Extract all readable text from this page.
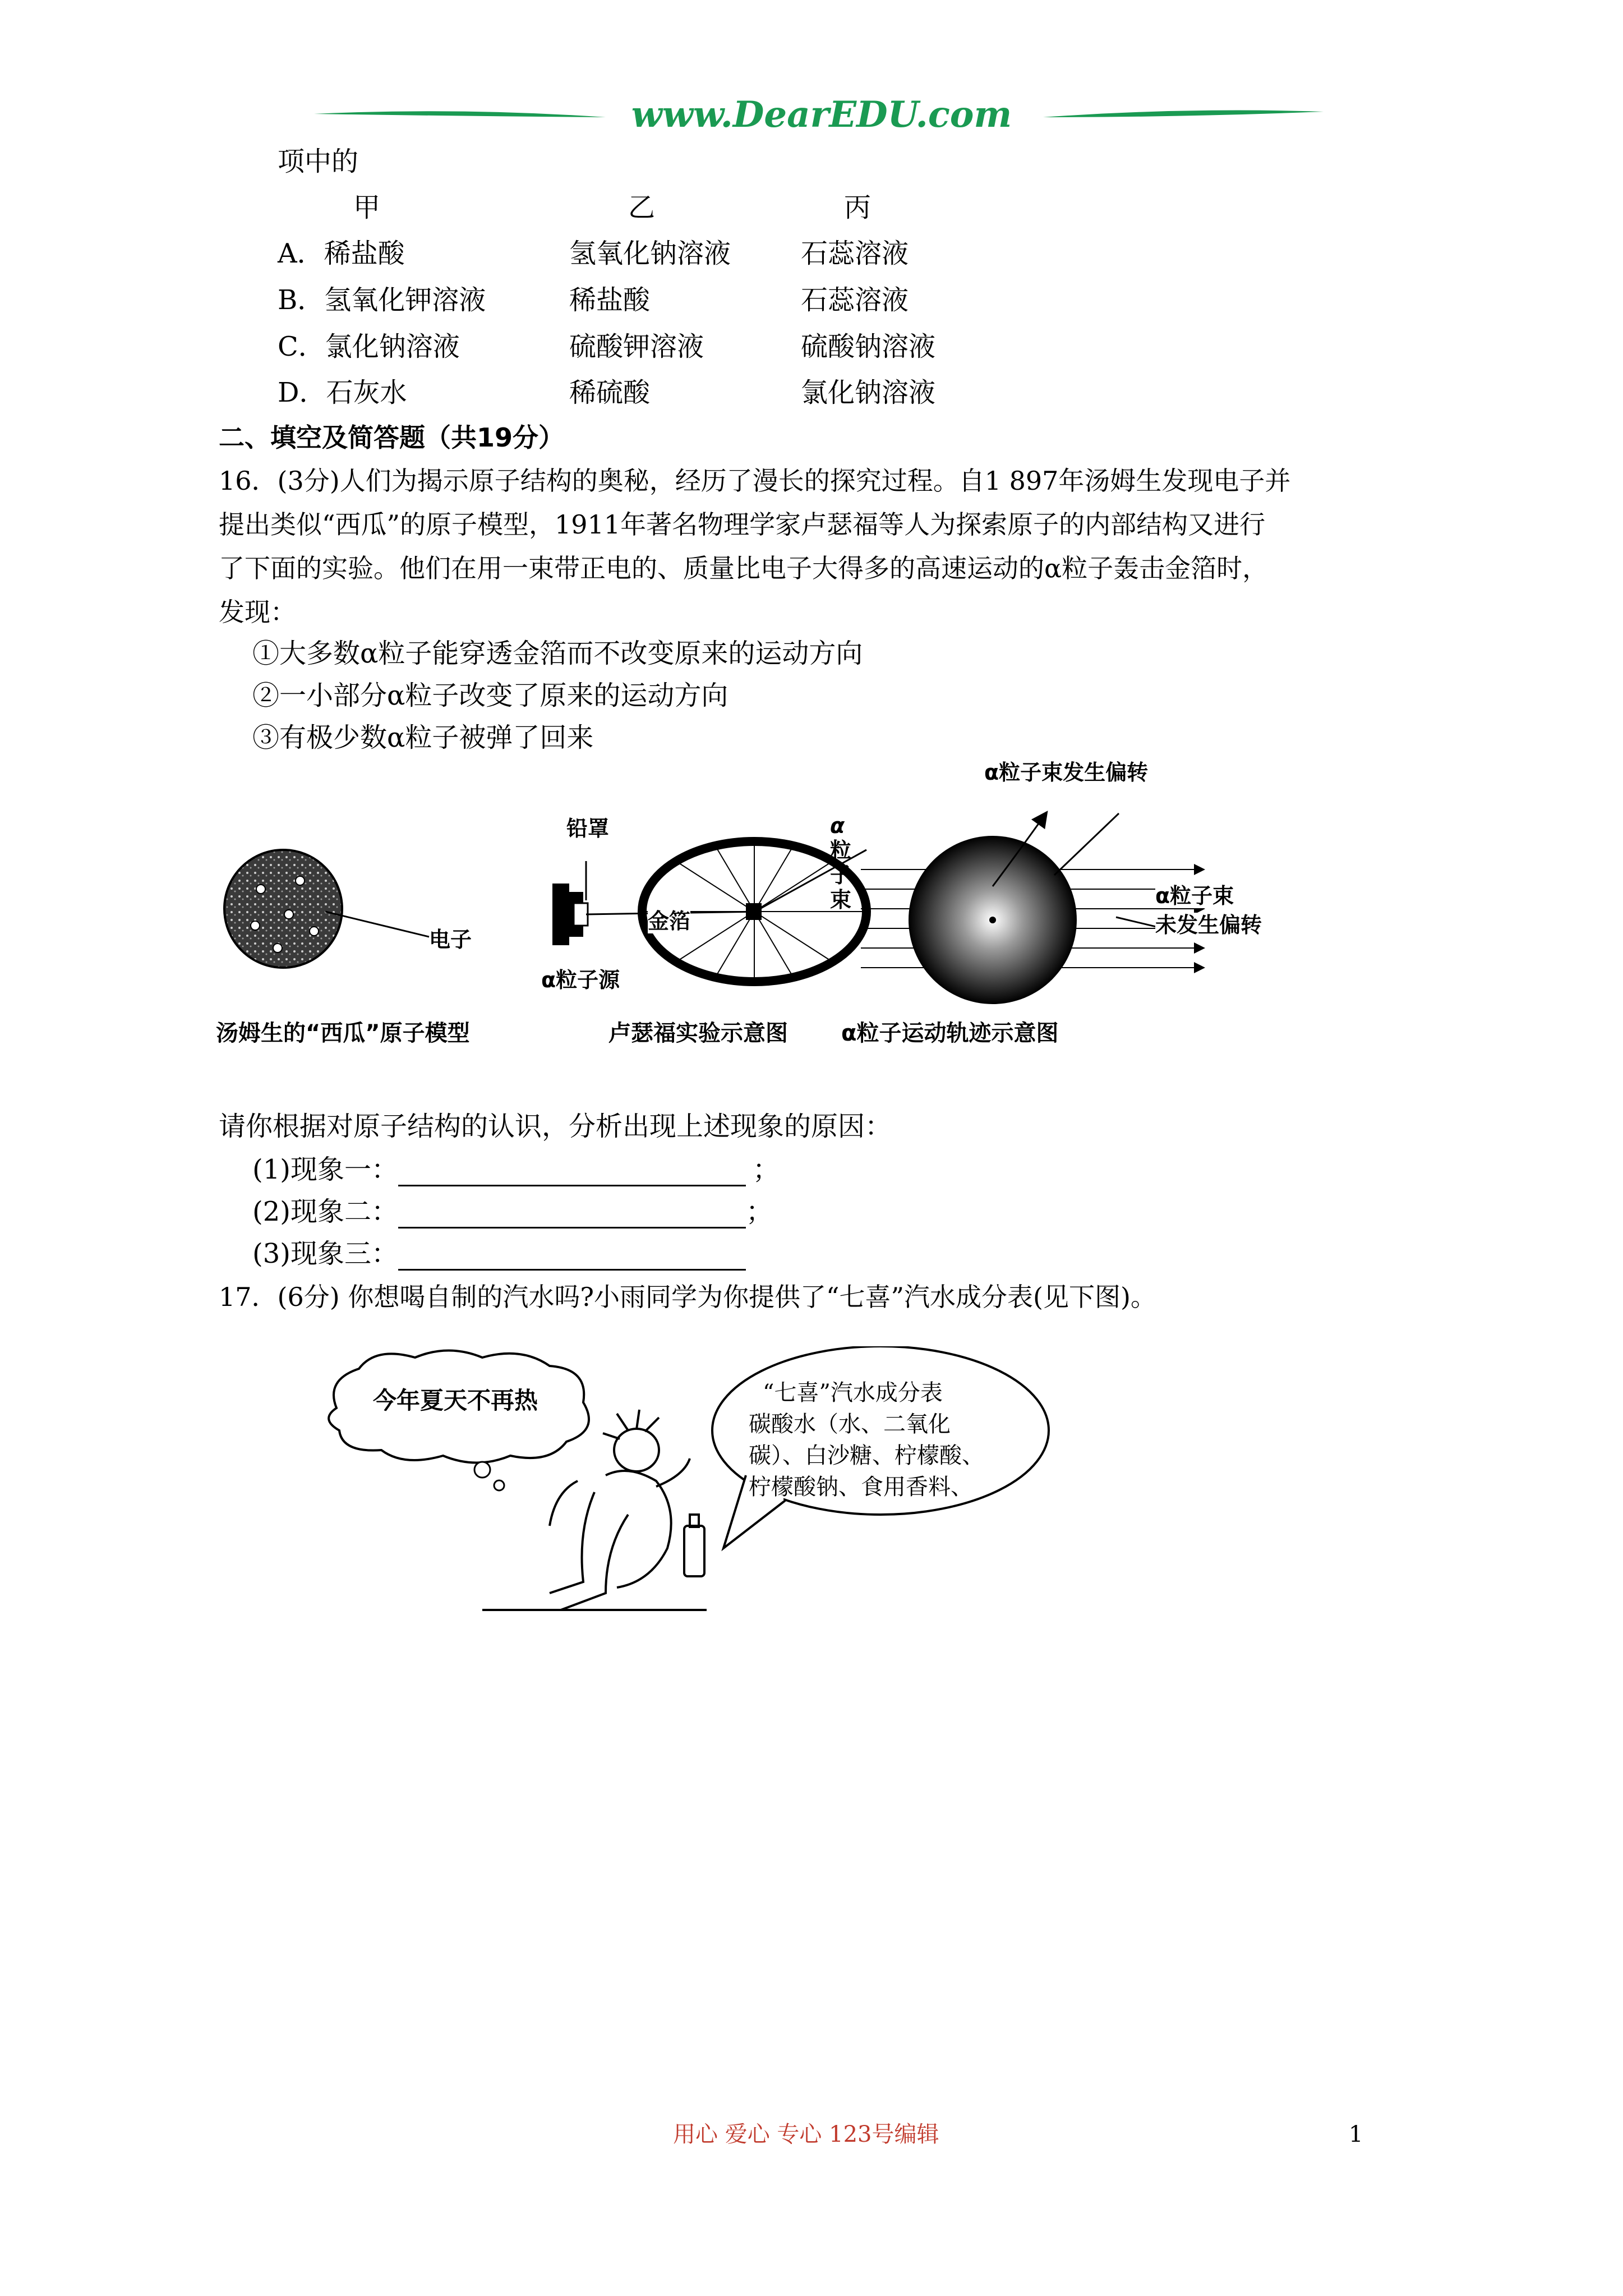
www.DearEDU.com
项中的
甲	乙	丙
A．稀盐酸	氢氧化钠溶液	石蕊溶液
B．氢氧化钾溶液	稀盐酸	石蕊溶液
C．氯化钠溶液	硫酸钾溶液	硫酸钠溶液
D．石灰水	稀硫酸	氯化钠溶液
二、填空及简答题（共19分）
16．(3分)人们为揭示原子结构的奥秘，经历了漫长的探究过程。自1 897年汤姆生发现电子并
提出类似“西瓜”的原子模型，1911年著名物理学家卢瑟福等人为探索原子的内部结构又进行
了下面的实验。他们在用一束带正电的、质量比电子大得多的高速运动的α粒子轰击金箔时，
发现：
①大多数α粒子能穿透金箔而不改变原来的运动方向
②一小部分α粒子改变了原来的运动方向
③有极少数α粒子被弹了回来
电子
汤姆生的“西瓜”原子模型
铅罩
金箔
α粒子源
α
粒
子
束
卢瑟福实验示意图
α粒子束发生偏转
α粒子束
未发生偏转
α粒子运动轨迹示意图
请你根据对原子结构的认识，分析出现上述现象的原因：
(1)现象一：	；
(2)现象二：	；
(3)现象三：
17．(6分) 你想喝自制的汽水吗?小雨同学为你提供了“七喜”汽水成分表(见下图)。
今年夏天不再热	“七喜”汽水成分表
碳酸水（水、二氧化
碳）、白沙糖、柠檬酸、
柠檬酸钠、食用香料、
用心 爱心 专心 123号编辑	1
